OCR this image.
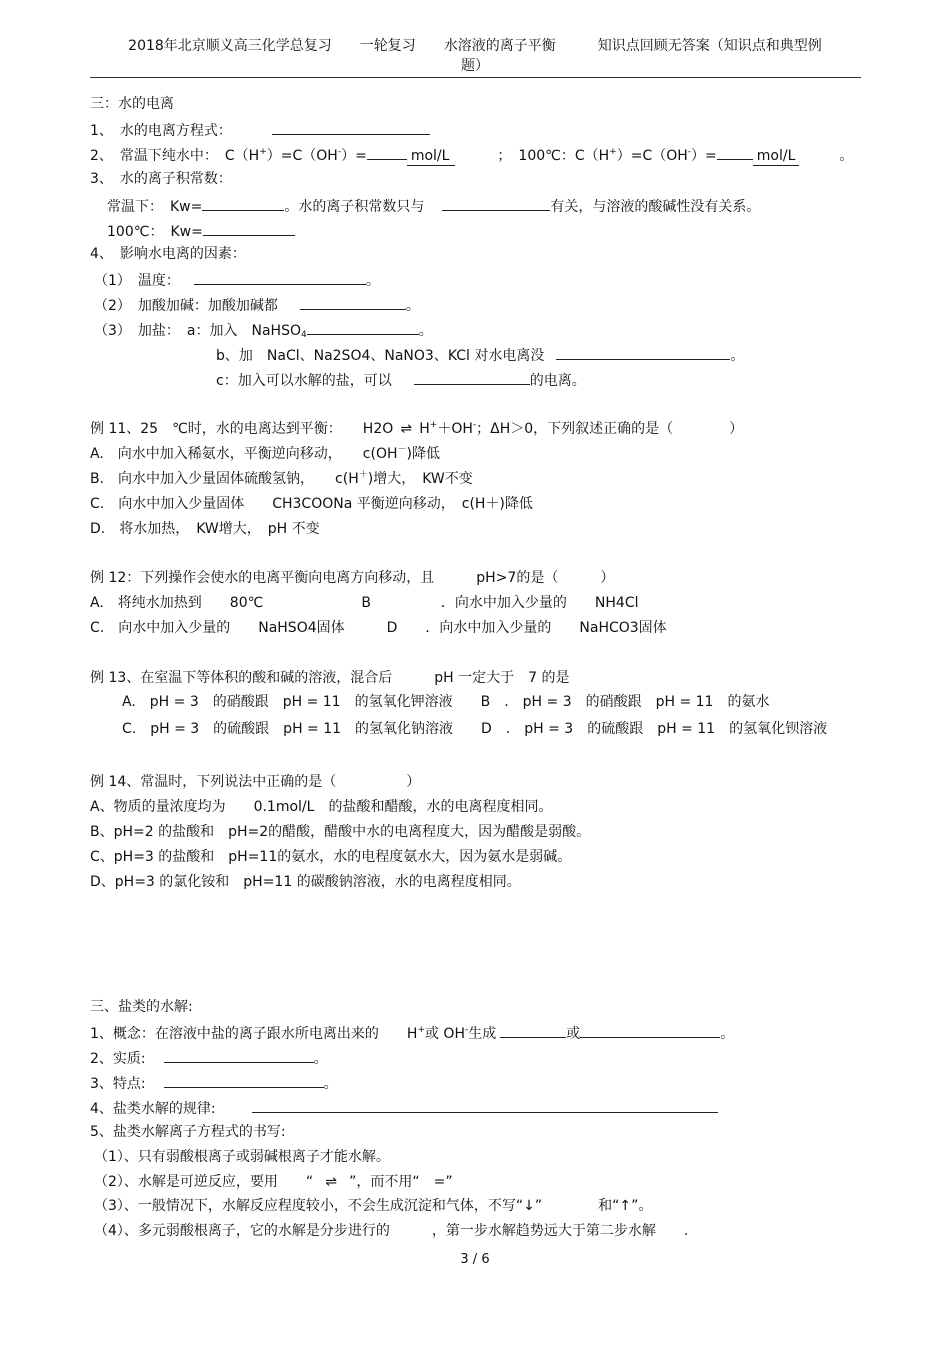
2018年北京顺义高三化学总复习　　一轮复习　　水溶液的离子平衡　　　知识点回顾无答案（知识点和典型例
题）
三：水的电离
1、　水的电离方程式：
2、　常温下纯水中：　C（H+）=C（OH-）=	mol/L	；　100℃：C（H+）=C（OH-）=	mol/L	。
3、　水的离子积常数：
常温下：　Kw=	。水的离子积常数只与	有关，与溶液的酸碱性没有关系。
100℃：　Kw=
4、　影响水电离的因素：
（1）　温度：	。
（2）　加酸加碱：加酸加碱都	。
（3）　加盐：　a：加入　NaHSO$_4$	。
b、加　NaCl、Na2SO4、NaNO3、KCl 对水电离没	。
c：加入可以水解的盐，可以	的电离。
例 11、25　℃时，水的电离达到平衡：　　H2O ⇌ H+＋OH-；ΔH＞0，下列叙述正确的是（　　　　）
A.　向水中加入稀氨水，平衡逆向移动，　　c(OH－)降低
B.　向水中加入少量固体硫酸氢钠，　　c(H＋)增大，　KW不变
C.　向水中加入少量固体　　CH3COONa 平衡逆向移动，　c(H＋)降低
D.　将水加热，　KW增大，　pH 不变
例 12：下列操作会使水的电离平衡向电离方向移动，且　　　pH>7的是（　　　）
A.　将纯水加热到　　80℃　　　　　　　B　　　　　．向水中加入少量的　　NH4Cl
C.　向水中加入少量的　　NaHSO4固体　　　D　　．向水中加入少量的　　NaHCO3固体
例 13、在室温下等体积的酸和碱的溶液，混合后　　　pH 一定大于　7 的是
A.　pH = 3　的硝酸跟　pH = 11　的氢氧化钾溶液　　B　.　pH = 3　的硝酸跟　pH = 11　的氨水
C.　pH = 3　的硫酸跟　pH = 11　的氢氧化钠溶液　　D　.　pH = 3　的硫酸跟　pH = 11　的氢氧化钡溶液
例 14、常温时，下列说法中正确的是（　　　　　）
A、物质的量浓度均为　　0.1mol/L　的盐酸和醋酸，水的电离程度相同。
B、pH=2 的盐酸和　pH=2的醋酸，醋酸中水的电离程度大，因为醋酸是弱酸。
C、pH=3 的盐酸和　pH=11的氨水，水的电程度氨水大，因为氨水是弱碱。
D、pH=3 的氯化铵和　pH=11 的碳酸钠溶液，水的电离程度相同。
三、盐类的水解:
1、概念：在溶液中盐的离子跟水所电离出来的　　H+或 OH-生成	或	。
2、实质:	。
3、特点:	。
4、盐类水解的规律:
5、盐类水解离子方程式的书写:
（1）、只有弱酸根离子或弱碱根离子才能水解。
（2）、水解是可逆反应，要用　　“ ⇌ ”，而不用“　=”
（3）、一般情况下，水解反应程度较小，不会生成沉淀和气体，不写“↓”　　　　和“↑”。
（4）、多元弱酸根离子，它的水解是分步进行的　　　，第一步水解趋势远大于第二步水解　　.
3 / 6
